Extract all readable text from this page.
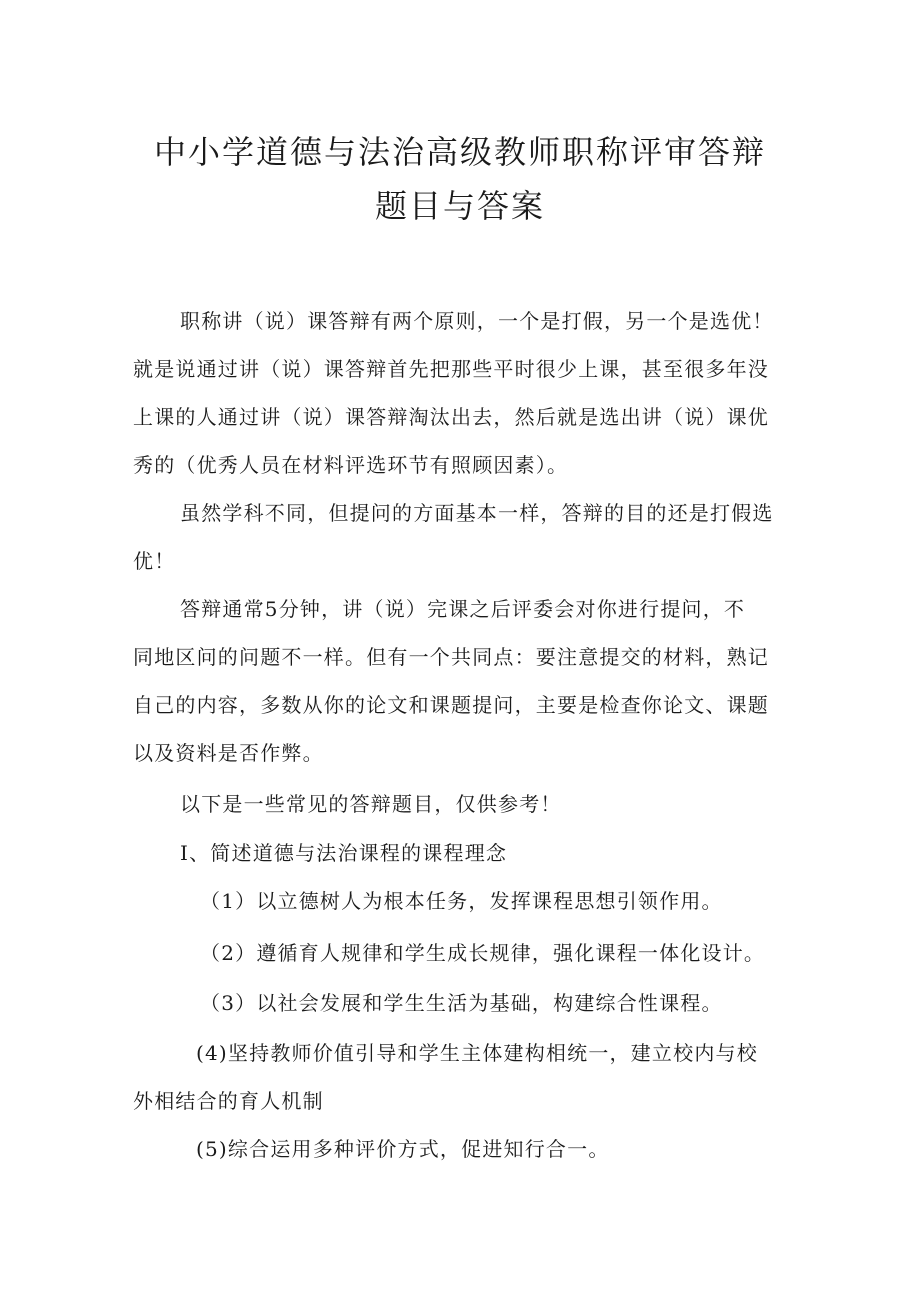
中小学道德与法治高级教师职称评审答辩
题目与答案
职称讲（说）课答辩有两个原则，一个是打假，另一个是选优！
就是说通过讲（说）课答辩首先把那些平时很少上课，甚至很多年没
上课的人通过讲（说）课答辩淘汰出去，然后就是选出讲（说）课优
秀的（优秀人员在材料评选环节有照顾因素）。
虽然学科不同，但提问的方面基本一样，答辩的目的还是打假选
优！
答辩通常5分钟，讲（说）完课之后评委会对你进行提问，不
同地区问的问题不一样。但有一个共同点：要注意提交的材料，熟记
自己的内容，多数从你的论文和课题提问，主要是检查你论文、课题
以及资料是否作弊。
以下是一些常见的答辩题目，仅供参考！
I、简述道德与法治课程的课程理念
（1）以立德树人为根本任务，发挥课程思想引领作用。
（2）遵循育人规律和学生成长规律，强化课程一体化设计。
（3）以社会发展和学生生活为基础，构建综合性课程。
(4)坚持教师价值引导和学生主体建构相统一，建立校内与校
外相结合的育人机制
(5)综合运用多种评价方式，促进知行合一。
